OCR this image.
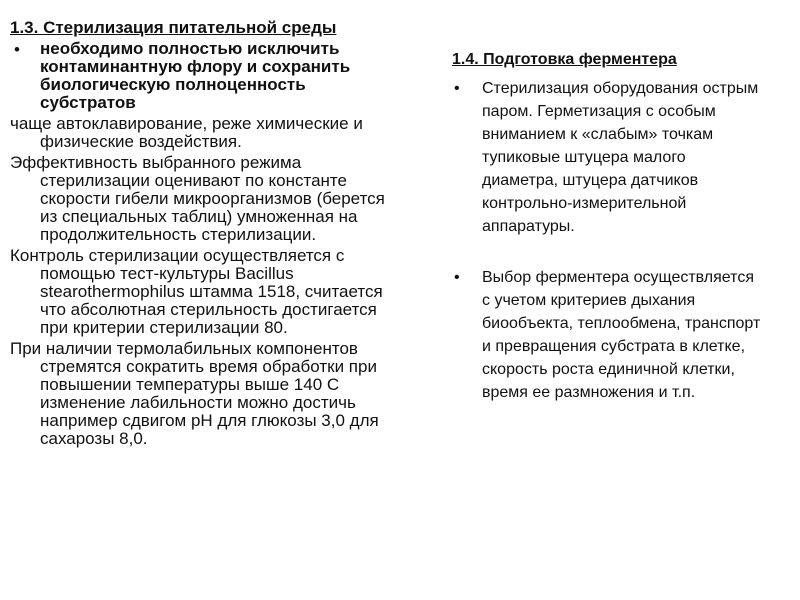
1.3. Стерилизация питательной среды
• необходимо полностью исключить контаминантную флору и сохранить биологическую полноценность субстратов

чаще автоклавирование, реже химические и физические воздействия.

Эффективность выбранного режима стерилизации оценивают по константе скорости гибели микроорганизмов (берется из специальных таблиц) умноженная на продолжительность стерилизации.

Контроль стерилизации осуществляется с помощью тест-культуры Bacillus stearothermophilus штамма 1518, считается что абсолютная стерильность достигается при критерии стерилизации 80.

При наличии термолабильных компонентов стремятся сократить время обработки при повышении температуры выше 140 С изменение лабильности можно достичь например сдвигом рН для глюкозы 3,0 для сахарозы 8,0.

1.4. Подготовка ферментера
• Стерилизация оборудования острым паром. Герметизация с особым вниманием к «слабым» точкам тупиковые штуцера малого диаметра, штуцера датчиков контрольно-измерительной аппаратуры.
• Выбор ферментера осуществляется с учетом критериев дыхания биообъекта, теплообмена, транспорт и превращения субстрата в клетке, скорость роста единичной клетки, время ее размножения и т.п.
